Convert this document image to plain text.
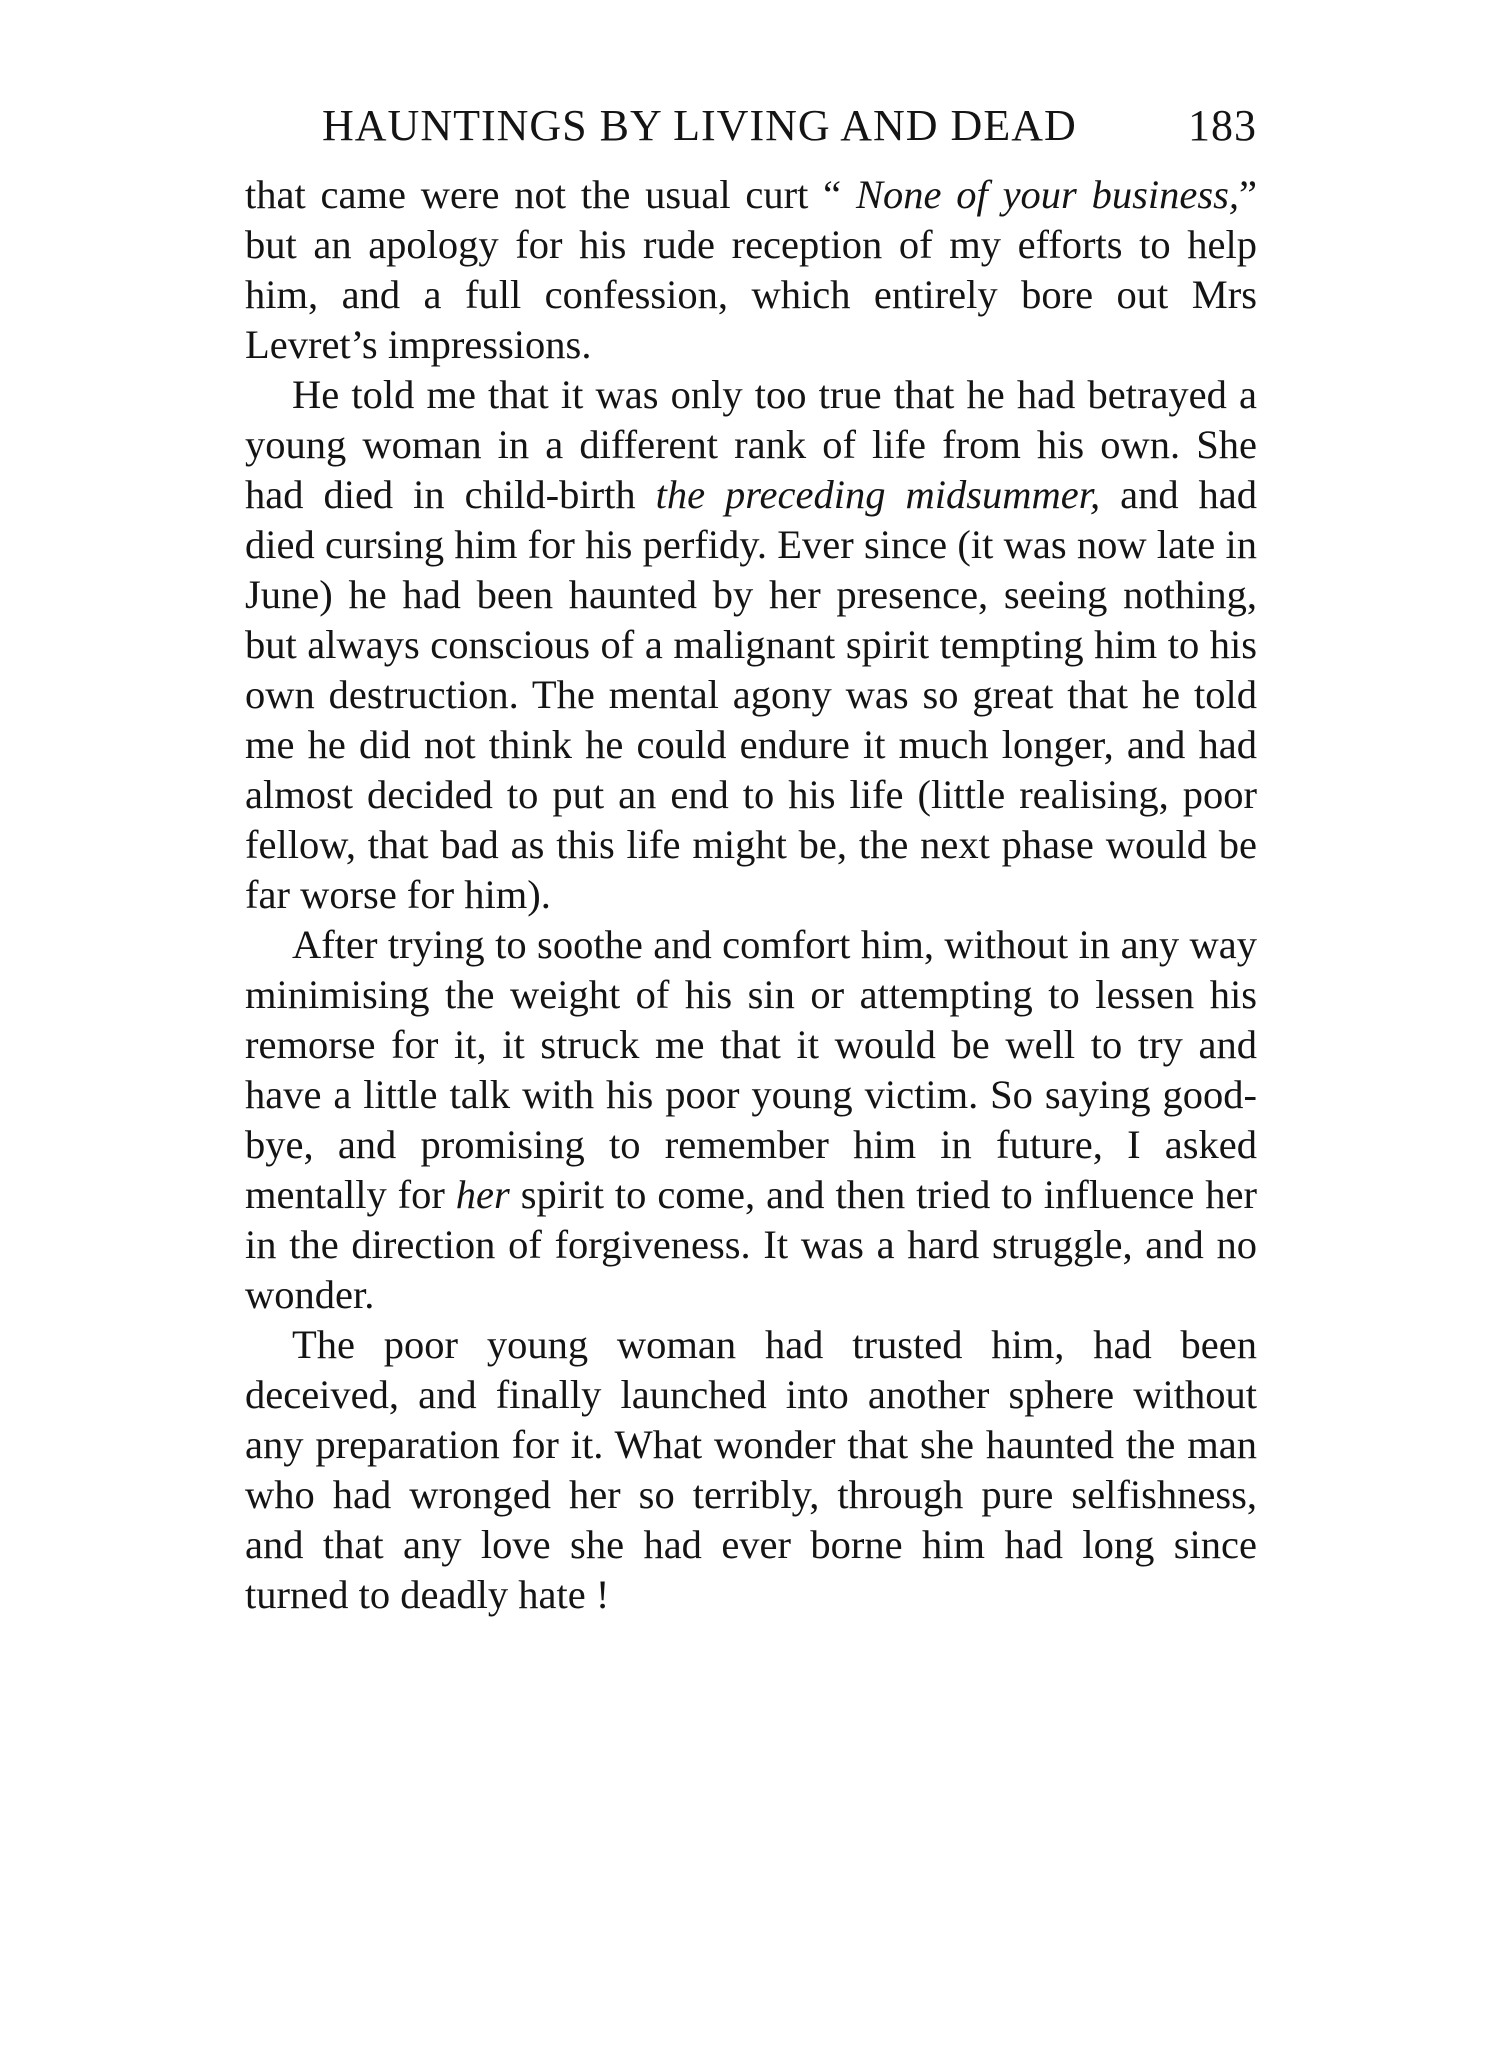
HAUNTINGS BY LIVING AND DEAD	183

that came were not the usual curt “ None of your business,” but an apology for his rude reception of my efforts to help him, and a full confession, which entirely bore out Mrs Levret’s impressions.

He told me that it was only too true that he had betrayed a young woman in a different rank of life from his own. She had died in child-birth the preceding midsummer, and had died cursing him for his perfidy. Ever since (it was now late in June) he had been haunted by her presence, seeing nothing, but always conscious of a malignant spirit tempting him to his own destruction. The mental agony was so great that he told me he did not think he could endure it much longer, and had almost decided to put an end to his life (little realising, poor fellow, that bad as this life might be, the next phase would be far worse for him).

After trying to soothe and comfort him, without in any way minimising the weight of his sin or attempting to lessen his remorse for it, it struck me that it would be well to try and have a little talk with his poor young victim. So saying good-bye, and promising to remember him in future, I asked mentally for her spirit to come, and then tried to influence her in the direction of forgiveness. It was a hard struggle, and no wonder.

The poor young woman had trusted him, had been deceived, and finally launched into another sphere without any preparation for it. What wonder that she haunted the man who had wronged her so terribly, through pure selfishness, and that any love she had ever borne him had long since turned to deadly hate !
